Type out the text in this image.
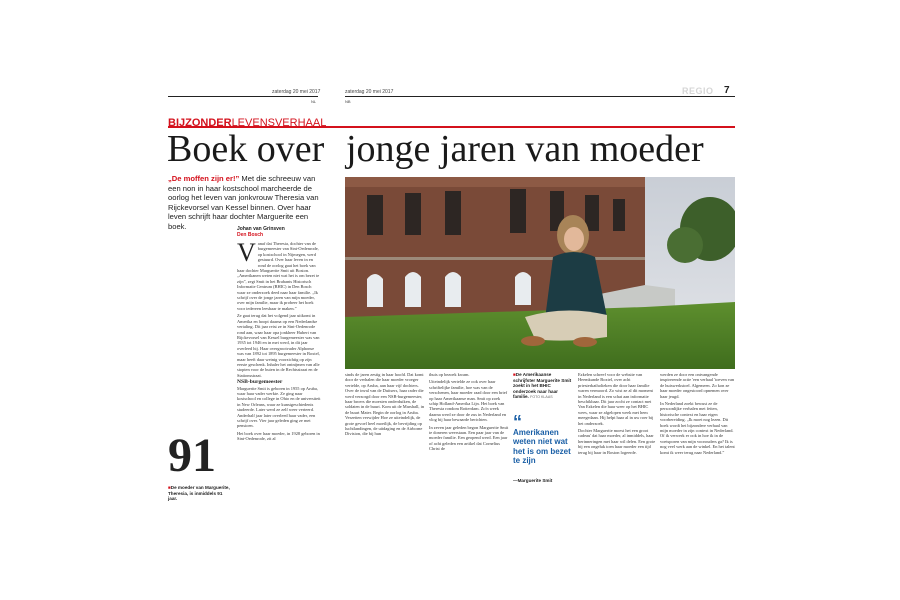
zaterdag 20 mei 2017
NL
zaterdag 20 mei 2017	REGIO 7
NB
BIJZONDERLEVENSVERHAAL
Boek over jonge jaren van moeder
„De moffen zijn er!” Met die schreeuw van een non in haar kostschool marcheerde de oorlog het leven van jonkvrouw Theresia van Rijckevorsel van Kessel binnen. Over haar leven schrijft haar dochter Marguerite een boek.	Johan van Grinsven
Den Bosch

Vanaf dat Theresia, dochter van de burgemeester van Sint-Oedenrode, op kostschool in Nijmegen, werd gestuurd. Over haar leven in en rond de oorlog gaat het boek van haar dochter Marguerite Smit uit Boston. „Amerikanen weten niet wat het is om bezet te zijn”, zegt Smit in het Brabants Historisch Informatie Centrum (BHIC) in Den Bosch waar ze onderzoek deed naar haar familie. „Ik schrijf over de jonge jaren van mijn moeder, over mijn familie, maar ik probeer het boek voor iedereen leesbaar te maken.”

Ze gaat terug dat het volgend jaar uitkomt in Amerika en hoopt daarna op een Nederlandse vertaling. Dit jaar reist ze in Sint-Oedenrode rond aan, waar haar opa jonkheer Hubert van Rijckevorsel van Kessel burgemeester was van 1935 tot 1946 en in mei werd, in dit jaar overleed hij. Haar overgrootvader Alphonse was van 1892 tot 1895 burgemeester in Boxtel, maar heeft daar weinig voorzichtig op zijn eerste geschenk. Inhaler het ontnijmen van alle stopten voor de buien in de Rechtsstraat en de Stationsstraat.

NSB-burgemeester

Marguerite Smit is geboren in 1955 op Aruba, waar haar vader werkte. Ze ging naar kostschool en college in Ohio en de universiteit in New Orleans, waar ze kunstgeschiedenis studeerde. Later werd ze zelf weer verteerd. Anderhalf jaar later overleed haar vader, een schrijf over. Vier jaar geleden ging ze met pensioen.

Het boek over haar moeder, in 1928 geboren in Sint-Oedenrode, zit al

91
■De moeder van Marguerite, Theresia, is inmiddels 91 jaar.

sinds de jaren zestig in haar hoofd. Dat komt door de verhalen die haar moeder vroeger vertelde, op Aruba, aan haar vijf dochters. Over de inval van de Duitsers, haar rader die werd verzorgd door een NSB-burgemeester, haar broers die moesten onderduiken, de soldaten in de buurt. Kom uit de Marshall, in de buurt Mater. Begin de oorlog in Aruba. Verzetten verwijder Hoe ze uiteindelijk, de grote gevoel heel moeilijk, de bevrijding op luchtlandingen, de uitdaging en de Airborne Division, die bij hun

thuis op bezoek kwam.

Uiteindelijk vertelde ze ook over haar schriftelijke familie, hoe was van de verschenen, haar moeder raad door een brief op haar Amerikaanse man. Smit op zoek schip Holland-Amerika Lijn. Het boek van Theresia rondom Rotterdam. Zo'n week daarna werd ze door de zus in Nederland en vlog bij haar bewaarde berichten.

In zeven jaar geleden begon Marguerite Smit te doneren weerstaan. Een paar jaar van de moeder familie. Een geopend werd. Een jaar of acht geleden een artikel dat Cornelius Christ de

■De Amerikaanse schrijfster Marguerite Smit zoekt in het BHIC onderzoek naar haar familie. FOTO KLAAS
“
Amerikanen weten niet wat het is om bezet te zijn
—Marguerite Smit

Ezkelen schreef voor de website van Heemkunde Boxtel, over acht priesterkatholieken die door haar familie waren vermoord. Zo wist ze al dit moment in Nederland is een schat aan informatie beschikbaar. Dit jaar zocht ze contact met Van Ezkelen die haar weer op het BHIC wees, waar ze afgelopen week met hem meegedaan. Hij helpt haar al in uw roer bij het onderzoek.

Dochter Marguerite moest het een groot cadeau' dat haar moeder, al inmiddels, haar herinneringen met haar wil delen. Een grote bij een ongeluk toen haar moeder een tijd terug bij haar in Boston logeerde.

werden ze door een ontvangende inspirerende actie 'een verhaal 'toeven van de huiswerkstoel. Algemeen. Zo kon ze haar moeder ongestoord opnemen over haar jeugd.

In Nederland zoekt bewust ze de persoonlijke verhalen met feiten, historische context en haar eigen voorbereiding. „Ik moet nog lezen. Dit boek wordt het bijzondere verhaal van mijn moeder in zijn context in Nederland. Of ik verwerk er ook in hoe ik in de voetsporen van mijn voorouders ga? Ik is nog veel werk aan de winkel. En het talent komt ik weer terug naar Nederland.”
